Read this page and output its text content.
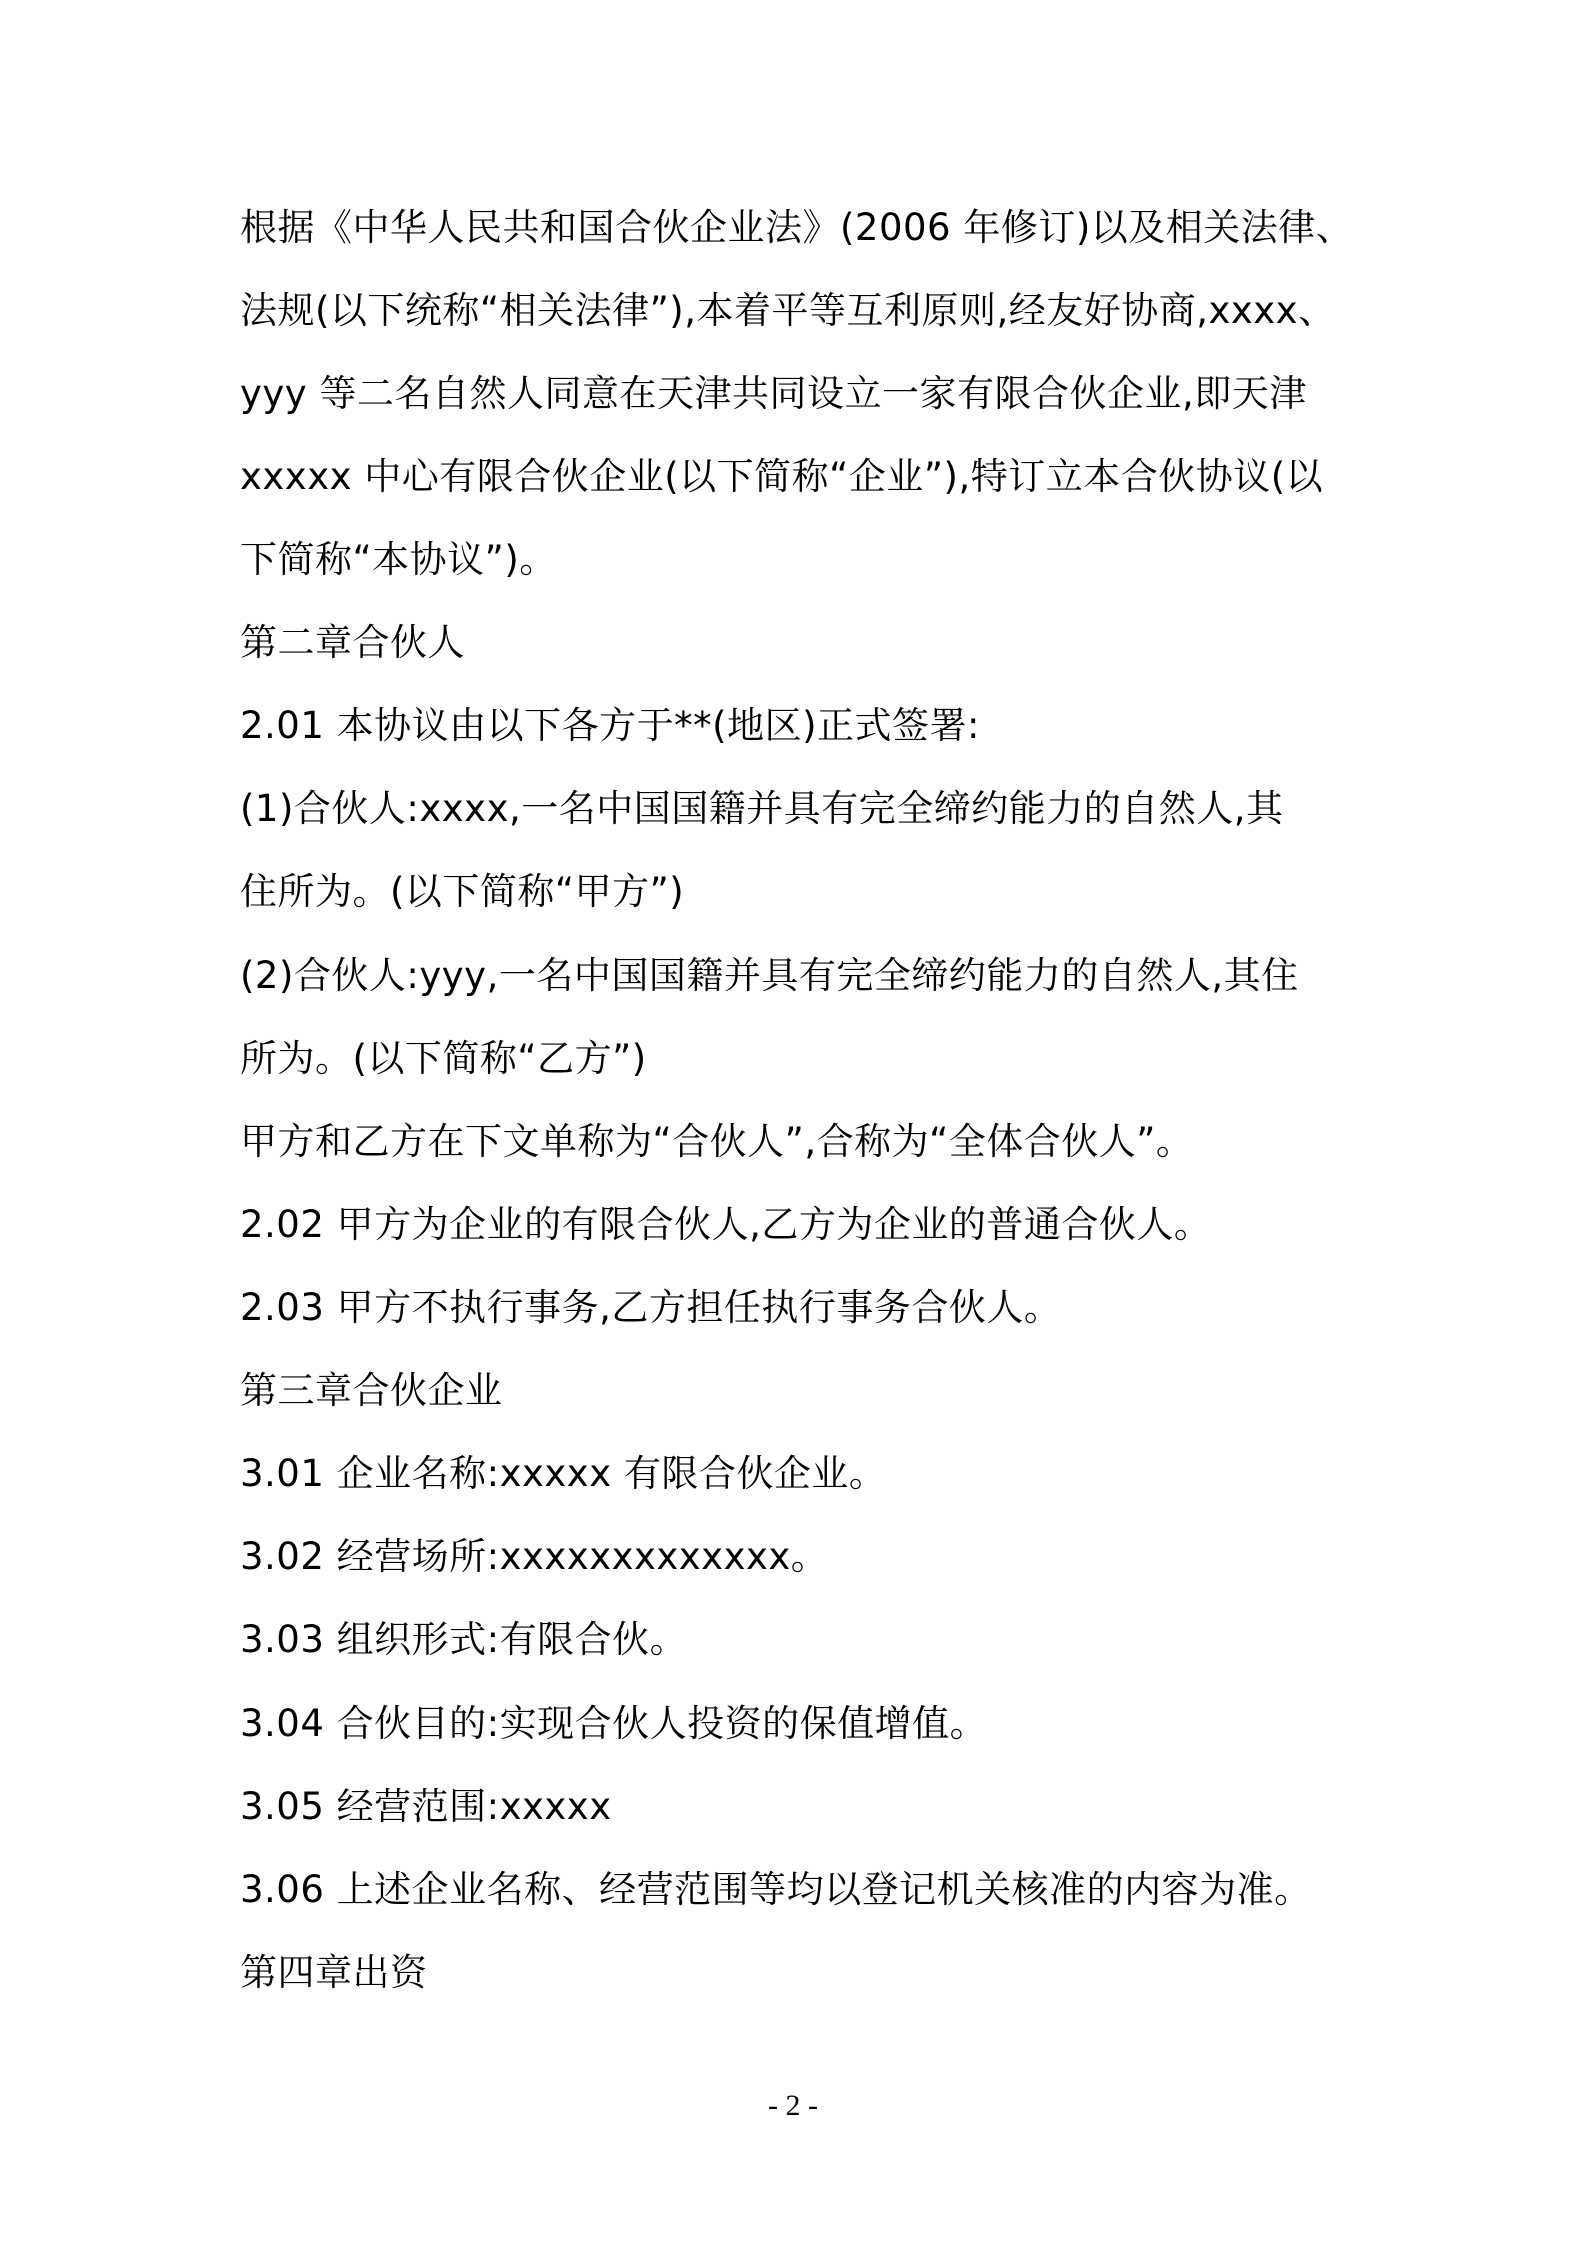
根据《中华人民共和国合伙企业法》(2006 年修订)以及相关法律、
法规(以下统称“相关法律”),本着平等互利原则,经友好协商,xxxx、
yyy 等二名自然人同意在天津共同设立一家有限合伙企业,即天津
xxxxx 中心有限合伙企业(以下简称“企业”),特订立本合伙协议(以
下简称“本协议”)。
第二章合伙人
2.01 本协议由以下各方于**(地区)正式签署:
(1)合伙人:xxxx,一名中国国籍并具有完全缔约能力的自然人,其
住所为。(以下简称“甲方”)
(2)合伙人:yyy,一名中国国籍并具有完全缔约能力的自然人,其住
所为。(以下简称“乙方”)
甲方和乙方在下文单称为“合伙人”,合称为“全体合伙人”。
2.02 甲方为企业的有限合伙人,乙方为企业的普通合伙人。
2.03 甲方不执行事务,乙方担任执行事务合伙人。
第三章合伙企业
3.01 企业名称:xxxxx 有限合伙企业。
3.02 经营场所:xxxxxxxxxxxxx。
3.03 组织形式:有限合伙。
3.04 合伙目的:实现合伙人投资的保值增值。
3.05 经营范围:xxxxx
3.06 上述企业名称、经营范围等均以登记机关核准的内容为准。
第四章出资
- 2 -
